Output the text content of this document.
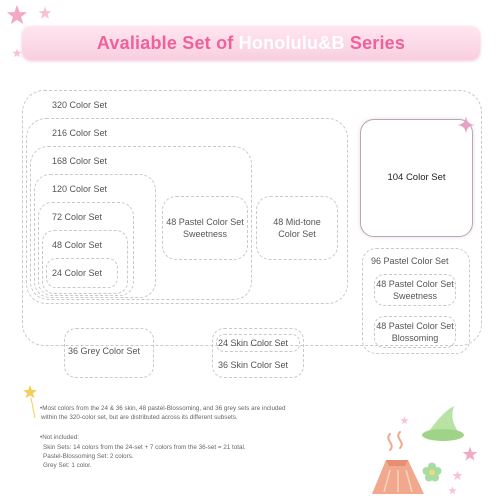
Avaliable Set of Honolulu&B Series
320 Color Set
216 Color Set
168 Color Set
120 Color Set
72 Color Set
48 Color Set
24 Color Set
48 Pastel Color Set Sweetness
48 Mid-tone Color Set
104 Color Set
96 Pastel Color Set
48 Pastel Color Set Sweetness
48 Pastel Color Set Blossoming
36 Grey Color Set
24 Skin Color Set
36 Skin Color Set
•Most colors from the 24 & 36 skin, 48 pastel-Blossoming, and 36 grey sets are included
within the 320-color set, but are distributed across its different subsets.
•Not included:
Skin Sets: 14 colors from the 24-set + 7 colors from the 36-set = 21 total.
Pastel-Blossoming Set: 2 colors.
Grey Set: 1 color.
